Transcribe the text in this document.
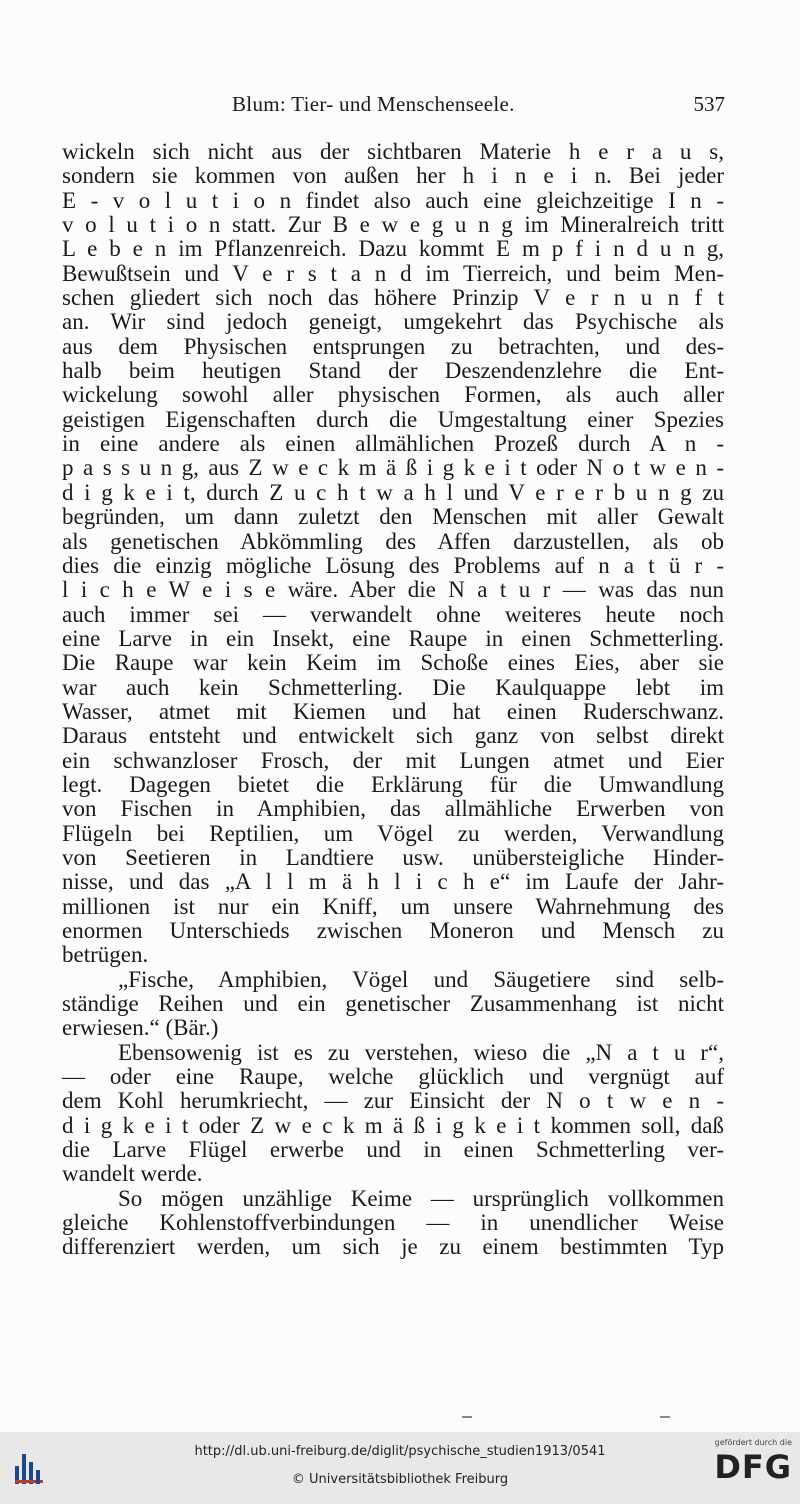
Blum: Tier- und Menschenseele.	537
wickeln sich nicht aus der sichtbaren Materie h e r a u s,
sondern sie kommen von außen her h i n e i n. Bei jeder
E - v o l u t i o n findet also auch eine gleichzeitige I n -
v o l u t i o n statt. Zur B e w e g u n g im Mineralreich tritt
L e b e n im Pflanzenreich. Dazu kommt E m p f i n d u n g,
Bewußtsein und V e r s t a n d im Tierreich, und beim Men-
schen gliedert sich noch das höhere Prinzip V e r n u n f t
an. Wir sind jedoch geneigt, umgekehrt das Psychische als
aus dem Physischen entsprungen zu betrachten, und des-
halb beim heutigen Stand der Deszendenzlehre die Ent-
wickelung sowohl aller physischen Formen, als auch aller
geistigen Eigenschaften durch die Umgestaltung einer Spezies
in eine andere als einen allmählichen Prozeß durch A n -
p a s s u n g, aus Z w e c k m ä ß i g k e i t oder N o t w e n -
d i g k e i t, durch Z u c h t w a h l und V e r e r b u n g zu
begründen, um dann zuletzt den Menschen mit aller Gewalt
als genetischen Abkömmling des Affen darzustellen, als ob
dies die einzig mögliche Lösung des Problems auf n a t ü r -
l i c h e W e i s e wäre. Aber die N a t u r — was das nun
auch immer sei — verwandelt ohne weiteres heute noch
eine Larve in ein Insekt, eine Raupe in einen Schmetterling.
Die Raupe war kein Keim im Schoße eines Eies, aber sie
war auch kein Schmetterling. Die Kaulquappe lebt im
Wasser, atmet mit Kiemen und hat einen Ruderschwanz.
Daraus entsteht und entwickelt sich ganz von selbst direkt
ein schwanzloser Frosch, der mit Lungen atmet und Eier
legt. Dagegen bietet die Erklärung für die Umwandlung
von Fischen in Amphibien, das allmähliche Erwerben von
Flügeln bei Reptilien, um Vögel zu werden, Verwandlung
von Seetieren in Landtiere usw. unübersteigliche Hinder-
nisse, und das „A l l m ä h l i c h e“ im Laufe der Jahr-
millionen ist nur ein Kniff, um unsere Wahrnehmung des
enormen Unterschieds zwischen Moneron und Mensch zu
betrügen.
„Fische, Amphibien, Vögel und Säugetiere sind selb-
ständige Reihen und ein genetischer Zusammenhang ist nicht
erwiesen.“ (Bär.)
Ebensowenig ist es zu verstehen, wieso die „N a t u r“,
— oder eine Raupe, welche glücklich und vergnügt auf
dem Kohl herumkriecht, — zur Einsicht der N o t w e n -
d i g k e i t oder Z w e c k m ä ß i g k e i t kommen soll, daß
die Larve Flügel erwerbe und in einen Schmetterling ver-
wandelt werde.
So mögen unzählige Keime — ursprünglich vollkommen
gleiche Kohlenstoffverbindungen — in unendlicher Weise
differenziert werden, um sich je zu einem bestimmten Typ
http://dl.ub.uni-freiburg.de/diglit/psychische_studien1913/0541
© Universitätsbibliothek Freiburg
gefördert durch die
DFG
